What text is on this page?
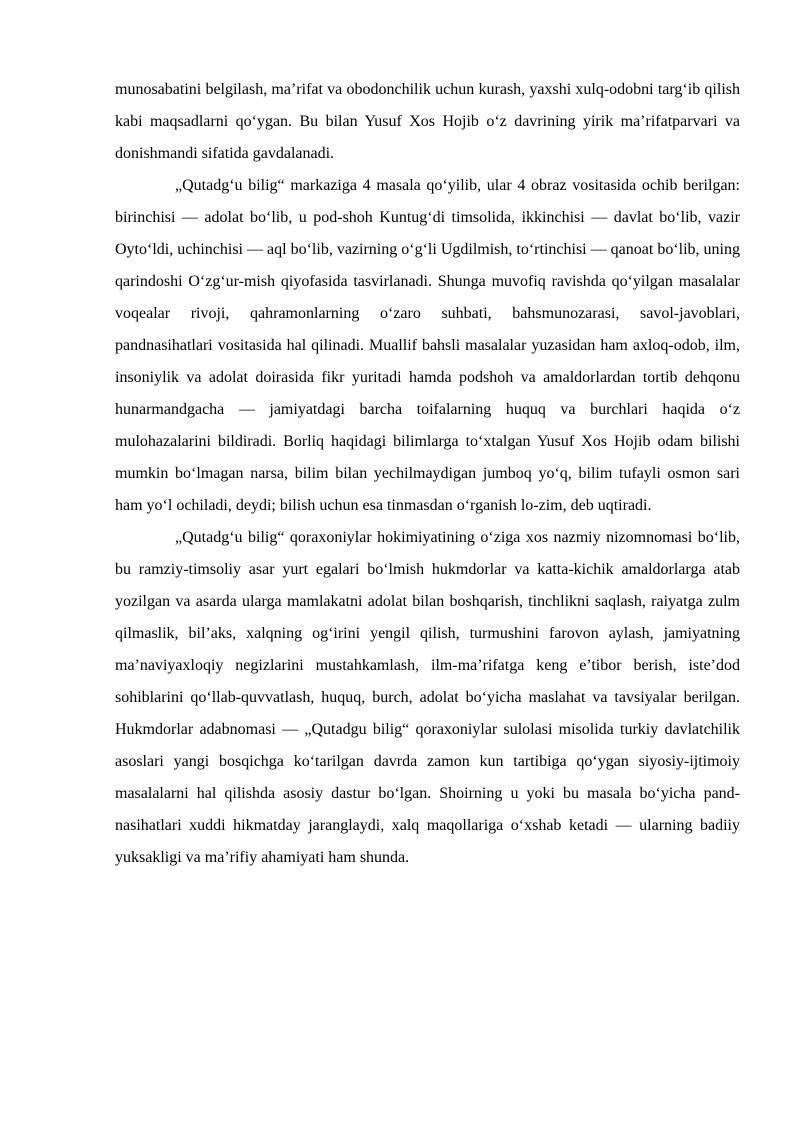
munosabatini belgilash, ma’rifat va obodonchilik uchun kurash, yaxshi xulq-odobni targ‘ib qilish kabi maqsadlarni qo‘ygan. Bu bilan Yusuf Xos Hojib o‘z davrining yirik ma’rifatparvari va donishmandi sifatida gavdalanadi.

„Qutadg‘u bilig“ markaziga 4 masala qo‘yilib, ular 4 obraz vositasida ochib berilgan: birinchisi — adolat bo‘lib, u pod-shoh Kuntug‘di timsolida, ikkinchisi — davlat bo‘lib, vazir Oyto‘ldi, uchinchisi — aql bo‘lib, vazirning o‘g‘li Ugdilmish, to‘rtinchisi — qanoat bo‘lib, uning qarindoshi O‘zg‘ur-mish qiyofasida tasvirlanadi. Shunga muvofiq ravishda qo‘yilgan masalalar voqealar rivoji, qahramonlarning o‘zaro suhbati, bahsmunozarasi, savol-javoblari, pandnasihatlari vositasida hal qilinadi. Muallif bahsli masalalar yuzasidan ham axloq-odob, ilm, insoniylik va adolat doirasida fikr yuritadi hamda podshoh va amaldorlardan tortib dehqonu hunarmandgacha — jamiyatdagi barcha toifalarning huquq va burchlari haqida o‘z mulohazalarini bildiradi. Borliq haqidagi bilimlarga to‘xtalgan Yusuf Xos Hojib odam bilishi mumkin bo‘lmagan narsa, bilim bilan yechilmaydigan jumboq yo‘q, bilim tufayli osmon sari ham yo‘l ochiladi, deydi; bilish uchun esa tinmasdan o‘rganish lo-zim, deb uqtiradi.

„Qutadg‘u bilig“ qoraxoniylar hokimiyatining o‘ziga xos nazmiy nizomnomasi bo‘lib, bu ramziy-timsoliy asar yurt egalari bo‘lmish hukmdorlar va katta-kichik amaldorlarga atab yozilgan va asarda ularga mamlakatni adolat bilan boshqarish, tinchlikni saqlash, raiyatga zulm qilmaslik, bil’aks, xalqning og‘irini yengil qilish, turmushini farovon aylash, jamiyatning ma’naviyaxloqiy negizlarini mustahkamlash, ilm-ma’rifatga keng e’tibor berish, iste’dod sohiblarini qo‘llab-quvvatlash, huquq, burch, adolat bo‘yicha maslahat va tavsiyalar berilgan. Hukmdorlar adabnomasi — „Qutadgu bilig“ qoraxoniylar sulolasi misolida turkiy davlatchilik asoslari yangi bosqichga ko‘tarilgan davrda zamon kun tartibiga qo‘ygan siyosiy-ijtimoiy masalalarni hal qilishda asosiy dastur bo‘lgan. Shoirning u yoki bu masala bo‘yicha pand-nasihatlari xuddi hikmatday jaranglaydi, xalq maqollariga o‘xshab ketadi — ularning badiiy yuksakligi va ma’rifiy ahamiyati ham shunda.
